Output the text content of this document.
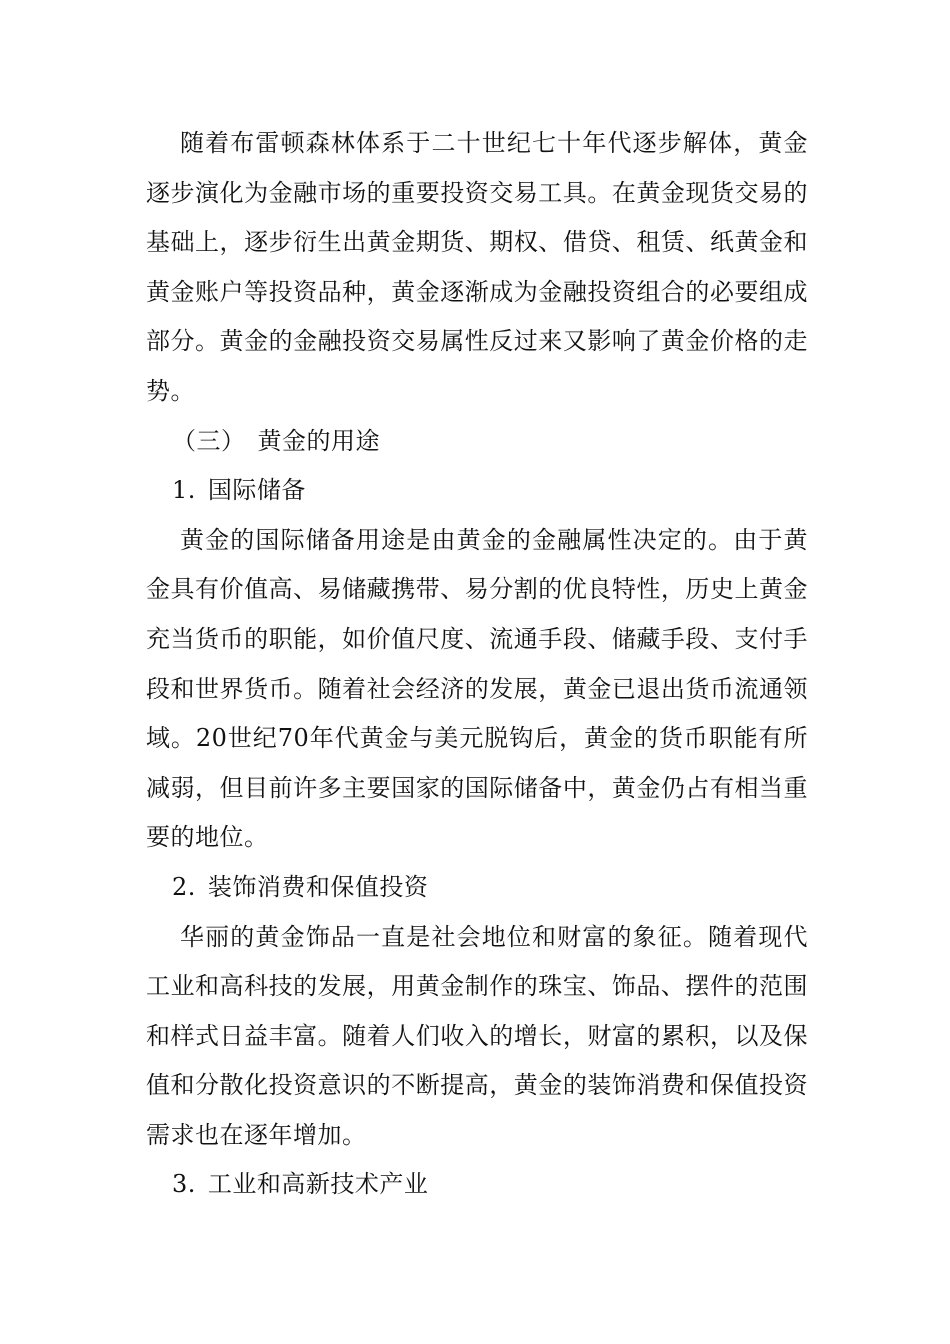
随着布雷顿森林体系于二十世纪七十年代逐步解体，黄金逐步演化为金融市场的重要投资交易工具。在黄金现货交易的基础上，逐步衍生出黄金期货、期权、借贷、租赁、纸黄金和黄金账户等投资品种，黄金逐渐成为金融投资组合的必要组成部分。黄金的金融投资交易属性反过来又影响了黄金价格的走势。

（三） 黄金的用途

1. 国际储备

黄金的国际储备用途是由黄金的金融属性决定的。由于黄金具有价值高、易储藏携带、易分割的优良特性，历史上黄金充当货币的职能，如价值尺度、流通手段、储藏手段、支付手段和世界货币。随着社会经济的发展，黄金已退出货币流通领域。20世纪70年代黄金与美元脱钩后，黄金的货币职能有所减弱，但目前许多主要国家的国际储备中，黄金仍占有相当重要的地位。

2. 装饰消费和保值投资

华丽的黄金饰品一直是社会地位和财富的象征。随着现代工业和高科技的发展，用黄金制作的珠宝、饰品、摆件的范围和样式日益丰富。随着人们收入的增长，财富的累积，以及保值和分散化投资意识的不断提高，黄金的装饰消费和保值投资需求也在逐年增加。

3. 工业和高新技术产业
